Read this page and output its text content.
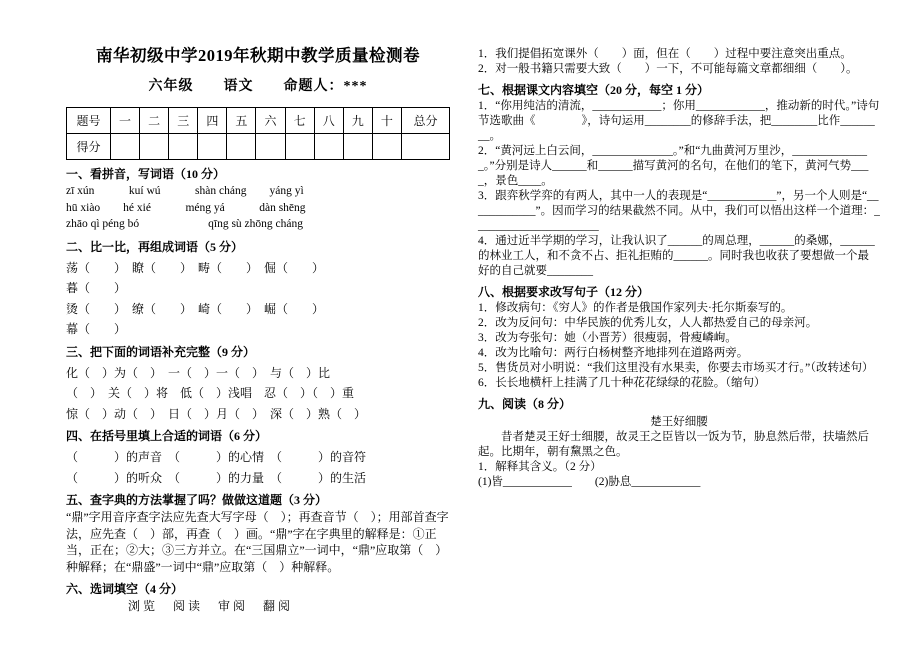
南华初级中学2019年秋期中教学质量检测卷
六年级　　语文　　命题人：***
题号	一	二	三	四	五	六	七	八	九	十	总分
得分											
一、看拼音，写词语（10 分）
zī xún　　　kuí wú　　　shàn cháng　　yáng yì
hū xiào　　hé xié　　　méng yá　　　dàn shēng
zhāo qì péng bó　　　　　　qīng sù zhōng cháng
二、比一比，再组成词语（5 分）
荡（　　）　瞭（　　）　畴（　　）　倔（　　）
暮（　　）
烫（　　）　缭（　　）　崎（　　）　崛（　　）
幕（　　）
三、把下面的词语补充完整（9 分）
化（　）为（　）　一（　）一（　）　与（　）比
（　）　关（　）将　低（　）浅唱　忍（　）（　）重
惊（　）动（　）　日（　）月（　）　深（　）熟（　）
四、在括号里填上合适的词语（6 分）
（　　　）的声音　（　　　）的心情　（　　　）的音符
（　　　）的听众　（　　　）的力量　（　　　）的生活
五、查字典的方法掌握了吗？做做这道题（3 分）
“鼎”字用音序查字法应先查大写字母（　）；再查音节（　）；用部首查字法，应先查（　）部，再查（　）画。“鼎”字在字典里的解释是：①正当，正在；②大；③三方并立。在“三国鼎立”一词中，“鼎”应取第（　）种解释；在“鼎盛”一词中“鼎”应取第（　）种解释。
六、选词填空（4 分）
浏览　阅读　审阅　翻阅
1．我们提倡拓宽课外（　　）面，但在（　　）过程中要注意突出重点。
2．对一般书籍只需要大致（　　）一下，不可能每篇文章都细细（　　）。
七、根据课文内容填空（20 分，每空 1 分）
1．“你用纯洁的清流，____________；你用____________，推动新的时代。”诗句节选歌曲《　　　　》，诗句运用________的修辞手法，把________比作________。
2．“黄河远上白云间，______________。”和“九曲黄河万里沙，______________。”分别是诗人______和______描写黄河的名句，在他们的笔下，黄河气势____，景色____。
3．跟弈秋学弈的有两人，其中一人的表现是“____________”，另一个人则是“____________”。因而学习的结果截然不同。从中，我们可以悟出这样一个道理：______________________
4．通过近半学期的学习，让我认识了______的周总理，______的桑娜，______的林业工人，和不贪不占、拒礼拒贿的______。同时我也收获了要想做一个最好的自己就要________
八、根据要求改写句子（12 分）
1．修改病句：《穷人》的作者是俄国作家列夫·托尔斯泰写的。
2．改为反问句：中华民族的优秀儿女，人人都热爱自己的母亲河。
3．改为夸张句：她（小晋芳）很瘦弱，骨瘦嶙峋。
4．改为比喻句：两行白杨树整齐地排列在道路两旁。
5．售货员对小明说：“我们这里没有水果卖，你要去市场买才行。”（改转述句）
6．长长地横杆上挂满了几十种花花绿绿的花脸。（缩句）
九、阅读（8 分）
楚王好细腰
昔者楚灵王好士细腰，故灵王之臣皆以一饭为节，胁息然后带，扶墙然后起。比期年，朝有黧黑之色。
1．解释其含义。（2 分）
(1)皆____________　　(2)胁息____________
